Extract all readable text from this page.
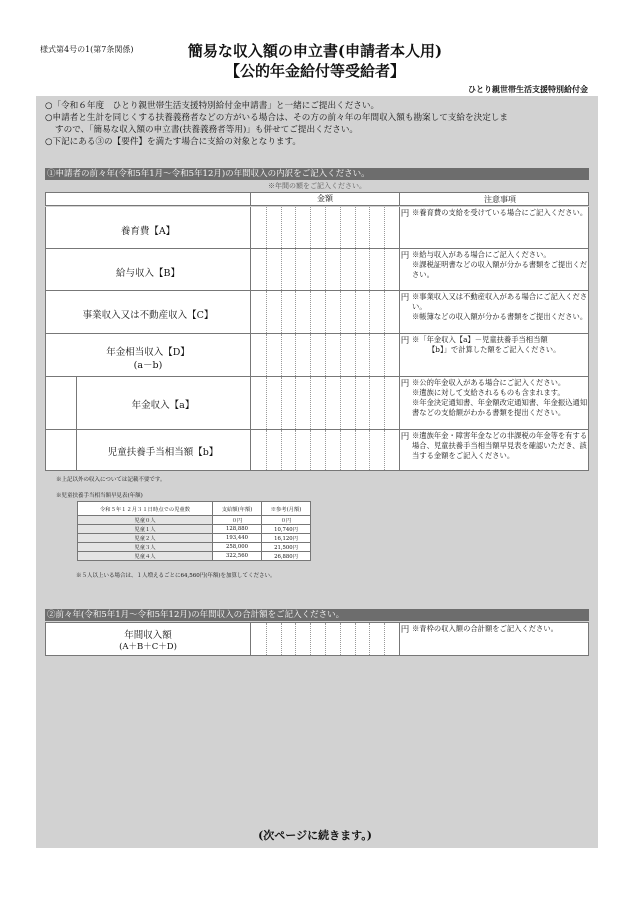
様式第4号の1(第7条関係)	簡易な収入額の申立書(申請者本人用)
【公的年金給付等受給者】
ひとり親世帯生活支援特別給付金
○「令和６年度　ひとり親世帯生活支援特別給付金申請書」と一緒にご提出ください。
○申請者と生計を同じくする扶養義務者などの方がいる場合は、その方の前々年の年間収入額も勘案して支給を決定しま
すので、「簡易な収入額の申立書(扶養義務者等用)」も併せてご提出ください。
○下記にある③の【要件】を満たす場合に支給の対象となります。
①申請者の前々年(令和5年1月～令和5年12月)の年間収入の内訳をご記入ください。
※年間の額をご記入ください。
金額	注意事項
養育費【A】
円 ※養育費の支給を受けている場合にご記入ください。
給与収入【B】
円 ※給与収入がある場合にご記入ください。
※課税証明書などの収入額が分かる書類をご提出ください。
事業収入又は不動産収入【C】
円 ※事業収入又は不動産収入がある場合にご記入ください。
※帳簿などの収入額が分かる書類をご提出ください。
年金相当収入【D】
(a－b)
円 ※「年金収入【a】－児童扶養手当相当額
【b】」で計算した額をご記入ください。
年金収入【a】
円 ※公的年金収入がある場合にご記入ください。
※遺族に対して支給されるものも含まれます。
※年金決定通知書、年金額改定通知書、年金振込通知書などの支給額がわかる書類を提出ください。
児童扶養手当相当額【b】
円 ※遺族年金・障害年金などの非課税の年金等を有する場合、児童扶養手当相当額早見表を確認いただき、該当する金額をご記入ください。
※上記以外の収入については記載不要です。
※児童扶養手当相当額早見表(年額)
令和５年１２月３１日時点での児童数	支給額(年額)	※参考(月額)
児童０人	０円	０円
児童１人	128,880	10,740円
児童２人	193,440	16,120円
児童３人	258,000	21,500円
児童４人	322,560	26,880円
※５人以上いる場合は、１人増えるごとに64,560円(年額)を加算してください。
②前々年(令和5年1月～令和5年12月)の年間収入の合計額をご記入ください。
年間収入額
(A＋B＋C＋D)
円 ※青枠の収入額の合計額をご記入ください。
(次ページに続きます。)
